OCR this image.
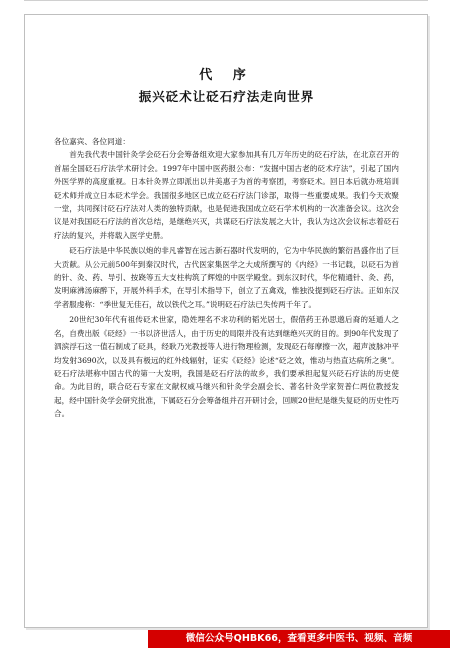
代 序
振兴砭术让砭石疗法走向世界

各位嘉宾、各位同道：

首先我代表中国针灸学会砭石分会筹备组欢迎大家参加具有几万年历史的砭石疗法，在北京召开的首届全国砭石疗法学术研讨会。1997年中国中医药报公布：“发掘中国古老的砭术疗法”，引起了国内外医学界的高度重视。日本针灸界立即派出以井美惠子为首的考察团，考察砭术。回日本后就办班培训砭术师并成立日本砭术学会。我国很多地区已成立砭石疗法门诊部，取得一些重要成果。我们今天欢聚一堂，共同探讨砭石疗法对人类的独特贡献，也是促进我国成立砭石学术机构的一次准备会议。这次会议是对我国砭石疗法的首次总结，是继绝兴灭，共谋砭石疗法发展之大计，我认为这次会议标志着砭石疗法的复兴，并将载入医学史册。

砭石疗法是中华民族以炮的非凡睿智在远古新石器时代发明的，它为中华民族的繁衍昌盛作出了巨大贡献。从公元前500年到秦汉时代，古代医家集医学之大成所撰写的《内经》一书记载，以砭石为首的针、灸、药、导引、按跷等五大支柱构筑了辉煌的中医学殿堂。到东汉时代，华佗精通针、灸、药，发明麻沸汤麻醉下，开展外科手术，在导引术指导下，创立了五禽戏，惟独没提到砭石疗法。正如东汉学者服虔称：“季世复无佳石，故以铁代之耳。”说明砭石疗法已失传两千年了。

20世纪30年代有祖传砭术世家，隐姓埋名不求功利的韬光居士，假借药王孙思邈后裔的延遁人之名，自费出版《砭经》一书以济世活人，由于历史的局限并没有达到继绝兴灭的目的。到90年代发现了泗滨浮石这一值石制成了砭具，经耿乃光教授等人进行物理检测，发现砭石每摩擦一次，超声波脉冲平均发射3690次，以及具有极远的红外线辐射，证实《砭经》论述“砭之效，惟动与热直达病所之奥”。砭石疗法堪称中国古代的第一大发明，我国是砭石疗法的故乡，我们要承担起复兴砭石疗法的历史使命。为此目的，联合砭石专家在文献权威马继兴和针灸学会副会长、著名针灸学家贺普仁两位教授发起，经中国针灸学会研究批准，下属砭石分会筹备组并召开研讨会，回顾20世纪是继失复砭的历史性巧合。

微信公众号QHBK66，查看更多中医书、视频、音频
